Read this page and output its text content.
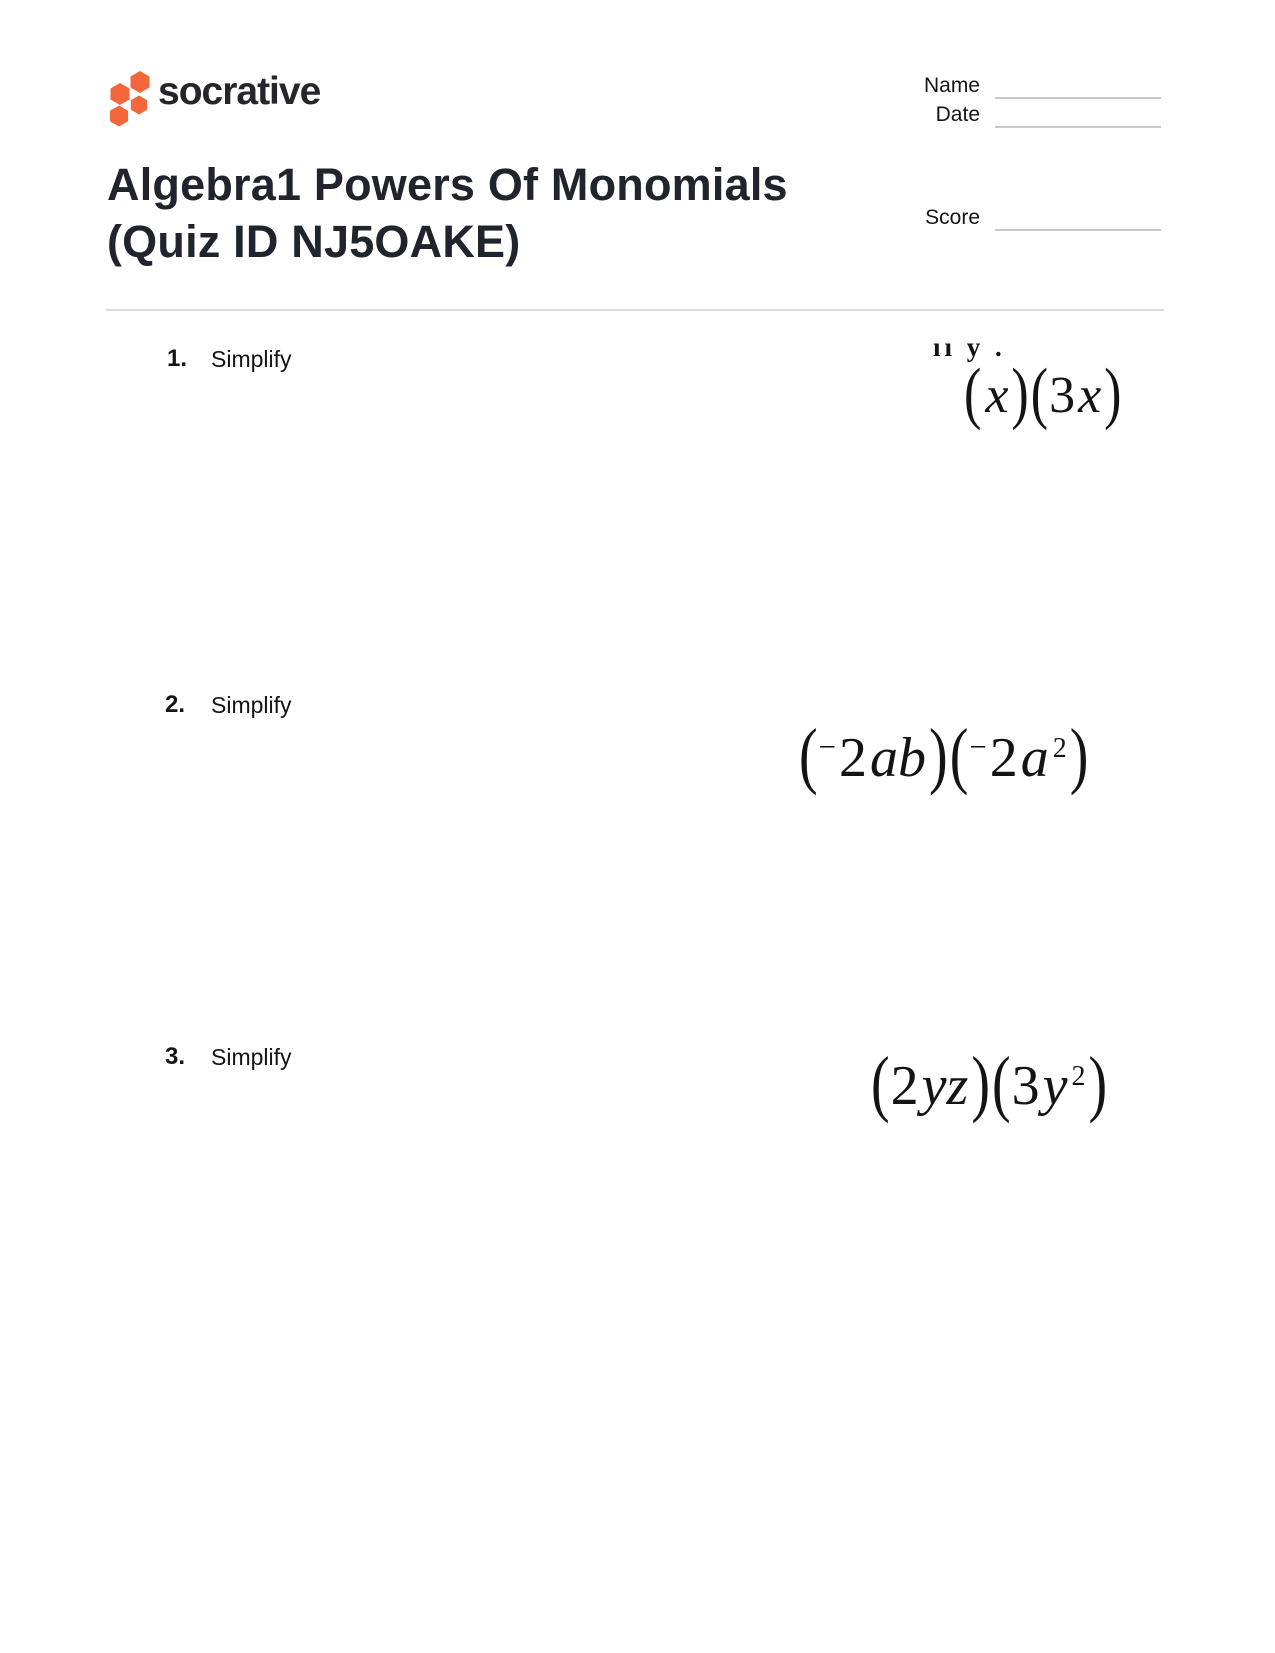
socrative	Name
Date
Score
Algebra1 Powers Of Monomials
(Quiz ID NJ5OAKE)
1. Simplify	ıı y .
(x)(3x)
2. Simplify
(−2ab)(−2a 2)
3. Simplify	(2yz)(3y 2)
